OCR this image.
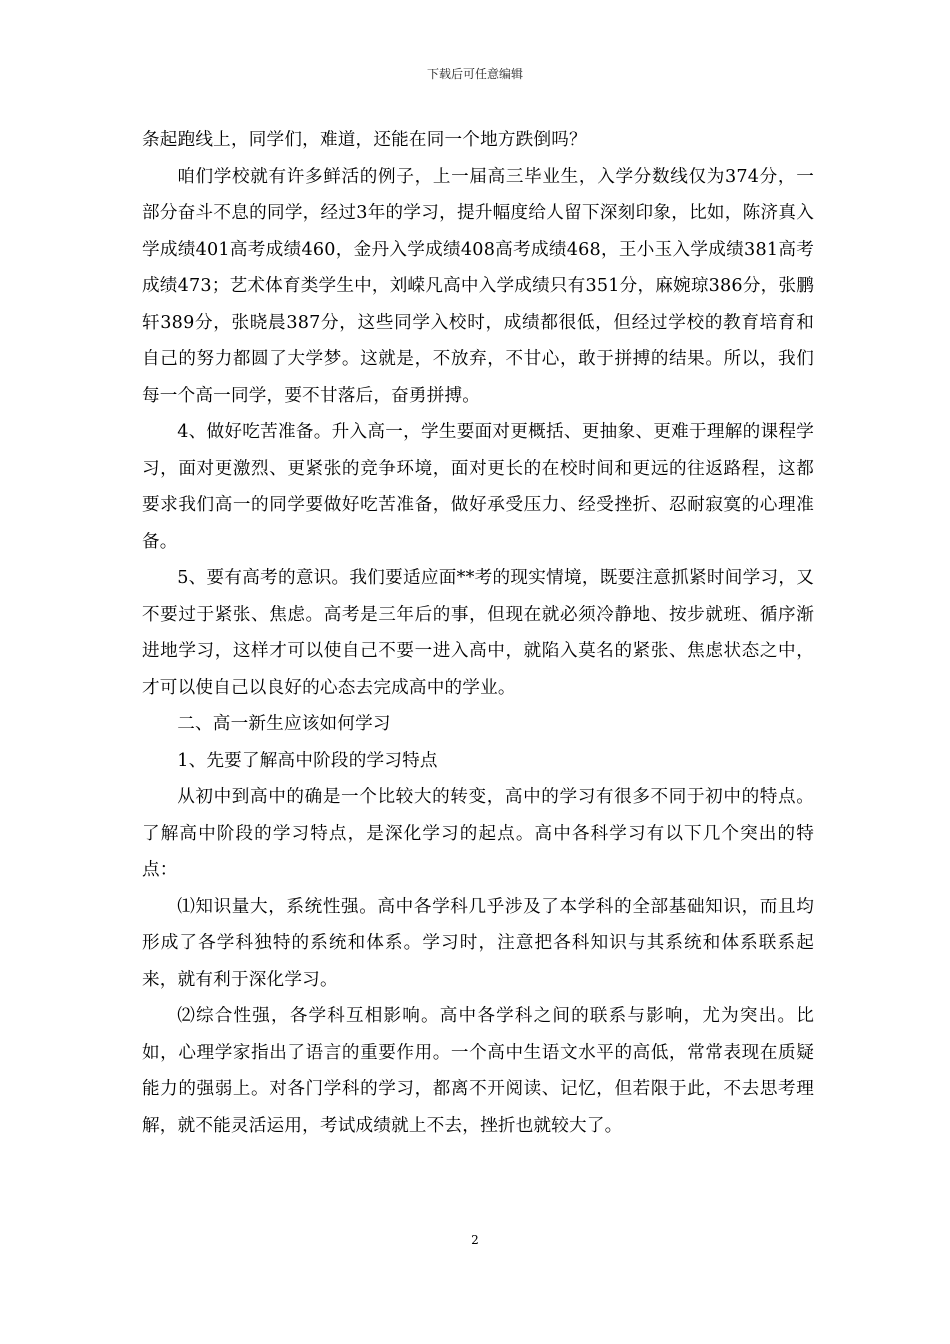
下载后可任意编辑

条起跑线上，同学们，难道，还能在同一个地方跌倒吗？

咱们学校就有许多鲜活的例子，上一届高三毕业生，入学分数线仅为374分，一部分奋斗不息的同学，经过3年的学习，提升幅度给人留下深刻印象，比如，陈济真入学成绩401高考成绩460，金丹入学成绩408高考成绩468，王小玉入学成绩381高考成绩473；艺术体育类学生中，刘嵘凡高中入学成绩只有351分，麻婉琼386分，张鹏轩389分，张晓晨387分，这些同学入校时，成绩都很低，但经过学校的教育培育和自己的努力都圆了大学梦。这就是，不放弃，不甘心，敢于拼搏的结果。所以，我们每一个高一同学，要不甘落后，奋勇拼搏。

4、做好吃苦准备。升入高一，学生要面对更概括、更抽象、更难于理解的课程学习，面对更激烈、更紧张的竞争环境，面对更长的在校时间和更远的往返路程，这都要求我们高一的同学要做好吃苦准备，做好承受压力、经受挫折、忍耐寂寞的心理准备。

5、要有高考的意识。我们要适应面**考的现实情境，既要注意抓紧时间学习，又不要过于紧张、焦虑。高考是三年后的事，但现在就必须冷静地、按步就班、循序渐进地学习，这样才可以使自己不要一进入高中，就陷入莫名的紧张、焦虑状态之中，才可以使自己以良好的心态去完成高中的学业。

二、高一新生应该如何学习

1、先要了解高中阶段的学习特点

从初中到高中的确是一个比较大的转变，高中的学习有很多不同于初中的特点。了解高中阶段的学习特点，是深化学习的起点。高中各科学习有以下几个突出的特点：

⑴知识量大，系统性强。高中各学科几乎涉及了本学科的全部基础知识，而且均形成了各学科独特的系统和体系。学习时，注意把各科知识与其系统和体系联系起来，就有利于深化学习。

⑵综合性强，各学科互相影响。高中各学科之间的联系与影响，尤为突出。比如，心理学家指出了语言的重要作用。一个高中生语文水平的高低，常常表现在质疑能力的强弱上。对各门学科的学习，都离不开阅读、记忆，但若限于此，不去思考理解，就不能灵活运用，考试成绩就上不去，挫折也就较大了。

2
